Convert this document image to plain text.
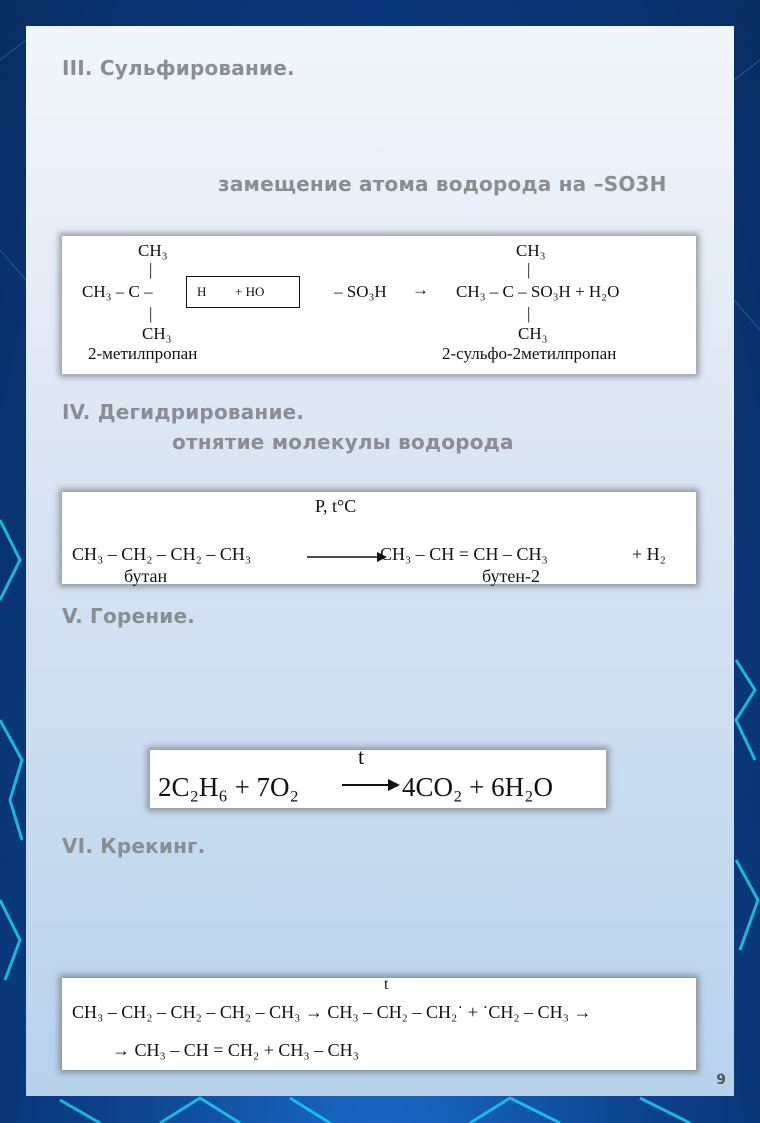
III. Сульфирование.
замещение атома водорода на –SO3H
CH₃
|
CH₃ – C –
|
CH₃
H + HO	– SO₃H →
CH₃
|
CH₃ – C – SO₃H + H₂O
|
CH₃
2-метилпропан	2-сульфо-2метилпропан
IV. Дегидрирование.
отнятие молекулы водорода
P, t°C
CH₃ – CH₂ – CH₂ – CH₃	CH₃ – CH = CH – CH₃	+ H₂
бутан	бутен-2
V. Горение.
t
2C₂H₆ + 7O₂ → 4CO₂ + 6H₂O
VI. Крекинг.
t
CH₃ – CH₂ – CH₂ – CH₂ – CH₃ → CH₃ – CH₂ – CH₂˙ + ˙CH₂ – CH₃ →
→ CH₃ – CH = CH₂ + CH₃ – CH₃
9
